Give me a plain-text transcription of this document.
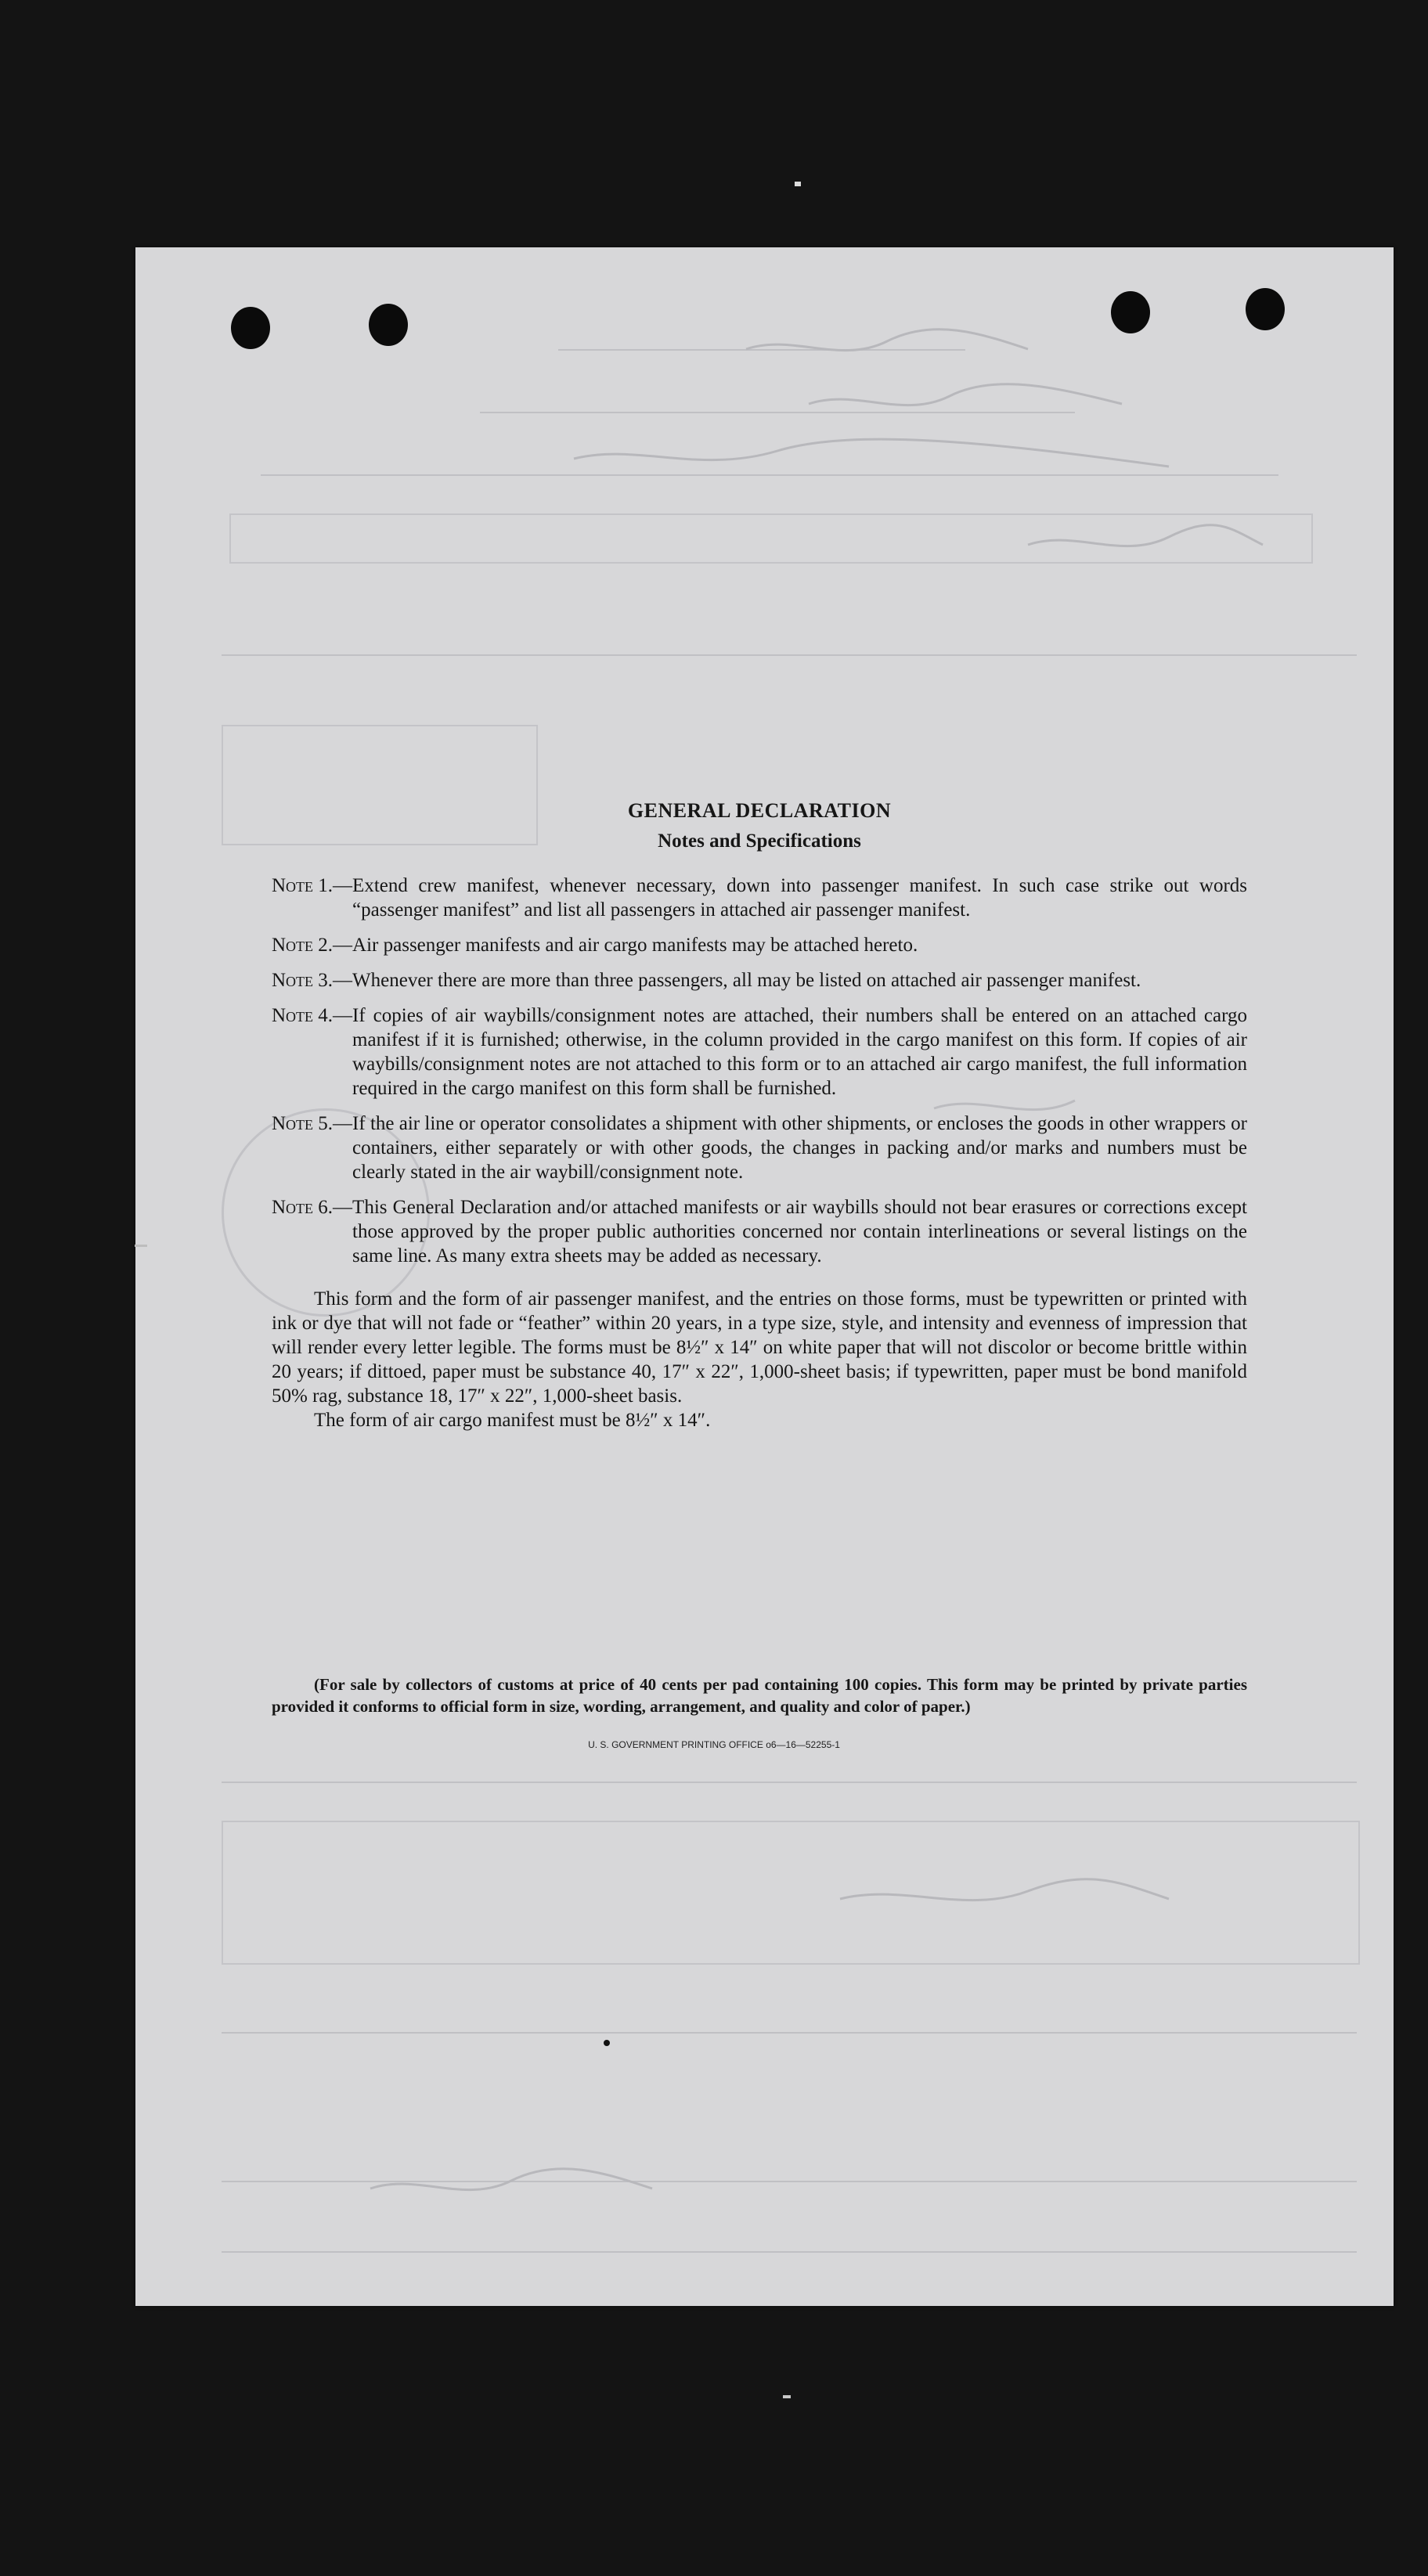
GENERAL DECLARATION
Notes and Specifications
Note 1.— Extend crew manifest, whenever necessary, down into passenger manifest. In such case strike out words “passenger manifest” and list all passengers in attached air passenger manifest.
Note 2.— Air passenger manifests and air cargo manifests may be attached hereto.
Note 3.— Whenever there are more than three passengers, all may be listed on attached air passenger manifest.
Note 4.— If copies of air waybills/consignment notes are attached, their numbers shall be entered on an attached cargo manifest if it is furnished; otherwise, in the column provided in the cargo manifest on this form. If copies of air waybills/consignment notes are not attached to this form or to an attached air cargo manifest, the full information required in the cargo manifest on this form shall be furnished.
Note 5.— If the air line or operator consolidates a shipment with other shipments, or encloses the goods in other wrappers or containers, either separately or with other goods, the changes in packing and/or marks and numbers must be clearly stated in the air waybill/consignment note.
Note 6.— This General Declaration and/or attached manifests or air waybills should not bear erasures or corrections except those approved by the proper public authorities concerned nor contain interlineations or several listings on the same line. As many extra sheets may be added as necessary.
This form and the form of air passenger manifest, and the entries on those forms, must be typewritten or printed with ink or dye that will not fade or “feather” within 20 years, in a type size, style, and intensity and evenness of impression that will render every letter legible. The forms must be 8½″ x 14″ on white paper that will not discolor or become brittle within 20 years; if dittoed, paper must be substance 40, 17″ x 22″, 1,000-sheet basis; if typewritten, paper must be bond manifold 50% rag, substance 18, 17″ x 22″, 1,000-sheet basis.
The form of air cargo manifest must be 8½″ x 14″.
(For sale by collectors of customs at price of 40 cents per pad containing 100 copies. This form may be printed by private parties provided it conforms to official form in size, wording, arrangement, and quality and color of paper.)
U. S. GOVERNMENT PRINTING OFFICE o6—16—52255-1
